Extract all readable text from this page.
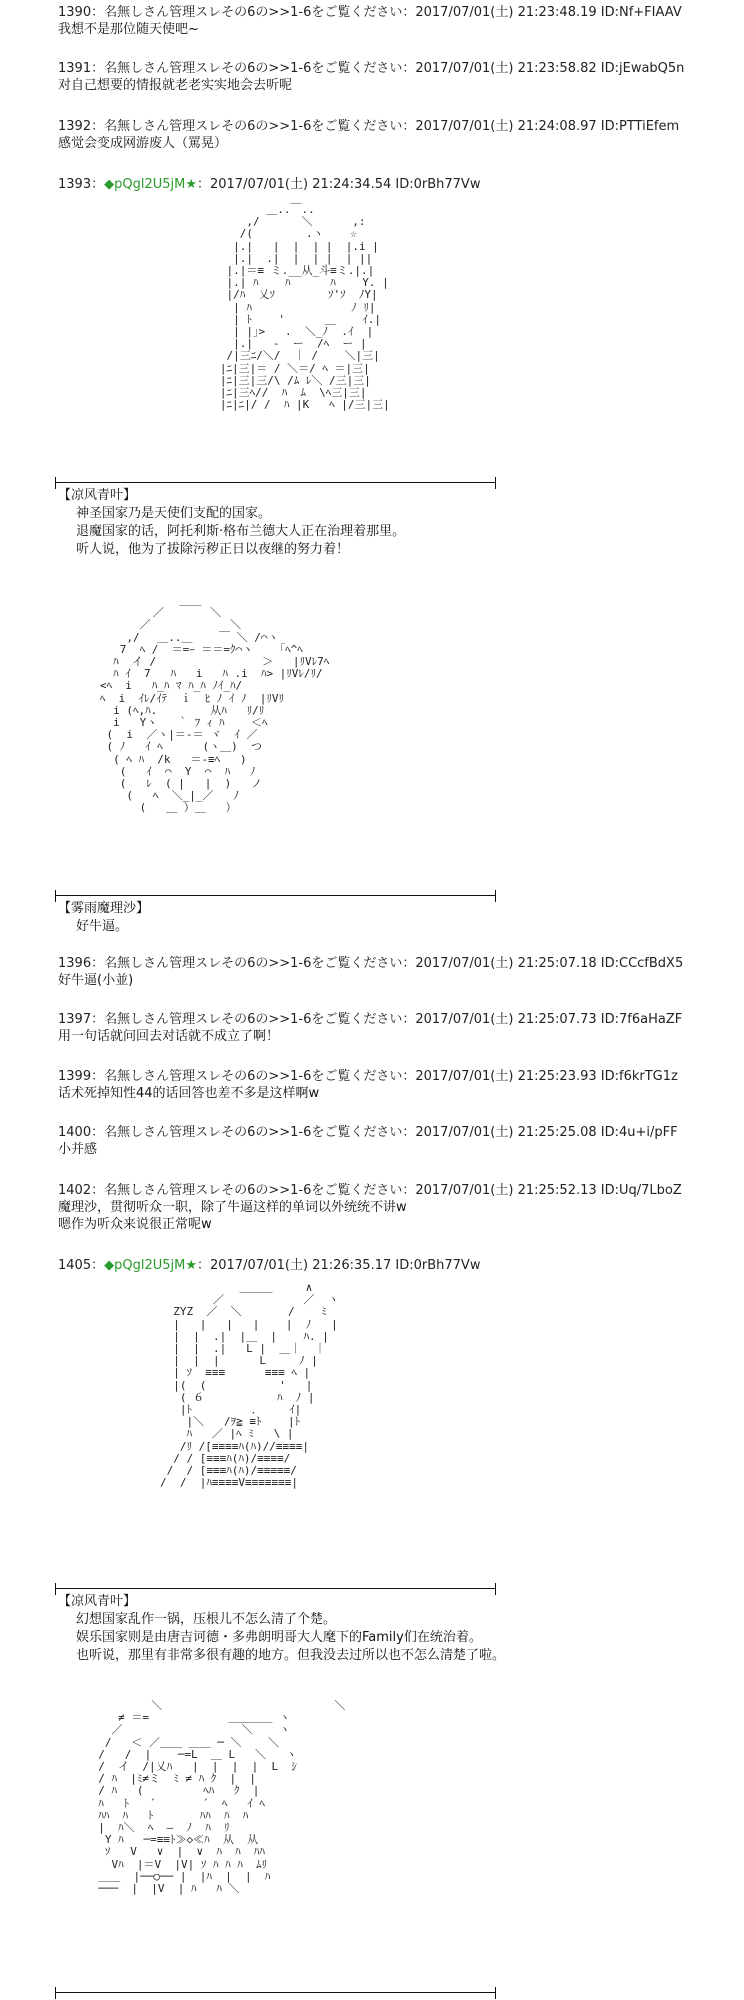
1390：名無しさん管理スレその6の>>1-6をご覧ください：2017/07/01(土) 21:23:48.19 ID:Nf+FIAAV
我想不是那位随天使吧~
1391：名無しさん管理スレその6の>>1-6をご覧ください：2017/07/01(土) 21:23:58.82 ID:jEwabQ5n
对自己想要的情报就老老实实地会去听呢
1392：名無しさん管理スレその6の>>1-6をご覧ください：2017/07/01(土) 21:24:08.97 ID:PTTiEfem
感觉会变成网游废人（罵晃）
1393：◆pQgl2U5jM★：2017/07/01(土) 21:24:34.54 ID:0rBh77Vw
＿..￣..
,/　  　 ＼      ,:
/(        .ヽ    ☆
|.|   |  |  | |  |.i |
|.|  .|  |  | |  | ||
|.|＝≡ ミ.__从_斗≡ミ.|.|
|.| ﾊ    ﾊ      ﾊ    Y. |
|/ﾊ  乂ｿ        ｿ'ｿ  ﾉY|
| ﾊ               ﾉ ﾘ|
| ﾄ    '      ＿    ｲ.|
| |｣>   .  ＼_ﾉ  .ｲ  |
|.|   ‐  ー  /ﾍ  ー |
/|三ﾆ/＼/  ｜ /    ＼|三|
|ﾆ|三|＝ / ＼＝/ ﾍ ＝|三|
|ﾆ|三|三/\ /ﾑ ﾚ＼ /三|三|
|ﾆ|三ﾍ//  ﾊ  ﾑ  \ﾍ三|三|
|ﾆ|ﾆ|/ /  ﾊ |K   ﾍ |/三|三|
【凉风青叶】
神圣国家乃是天使们支配的国家。
退魔国家的话，阿托利斯·格布兰德大人正在治理着那里。
听人说，他为了拔除污秽正日以夜继的努力着！
＿＿
／       ＼
／            ＼
,/ 　＿..＿    ￣ ＼ /⌒ヽ
7  ﾍ /  ＝=ｰ ＝＝=ｸ⌒ヽ    ｢ﾍ^ﾍ
ﾊ  イ /                ＞   |ﾘVﾚ7ﾍ
ﾊ ｲ  7   ﾊ   i   ﾊ .i  ﾊ> |ﾘVﾚ/ﾘ/
<ﾍ  i   ﾊ_ﾊ ﾏ ﾊ_ﾊ ﾉｲ_ﾊ/
ﾍ  i  ｲﾚ/ｲﾃ  ｉ  ﾋ ﾉ ｲ ﾉ  |ﾘVﾘ
i (ﾍ,ﾊ.        从ﾊ   ﾘ/ﾘ
i   Yヽ   ｀ ﾌ ｨ ﾊ    ＜ﾍ
(  i  ／ヽ|＝-＝ ヾ  ｲ ／
( ﾉ   ｲ ﾍ      (ヽ＿)  つ
( ﾍ ﾊ  /k   ＝-≡ﾍ   )
(   ｲ  ⌒  Y  ⌒  ﾊ   ﾉ
(   ﾚ  ( |   |  )   ノ
(   ﾍ  ＼_|_／   ﾉ
(   ＿ ）＿   ）
【雾雨魔理沙】
好牛逼。
1396：名無しさん管理スレその6の>>1-6をご覧ください：2017/07/01(土) 21:25:07.18 ID:CCcfBdX5
好牛逼(小並)
1397：名無しさん管理スレその6の>>1-6をご覧ください：2017/07/01(土) 21:25:07.73 ID:7f6aHaZF
用一句话就问回去对话就不成立了啊！
1399：名無しさん管理スレその6の>>1-6をご覧ください：2017/07/01(土) 21:25:23.93 ID:f6krTG1z
话术死掉知性44的话回答也差不多是这样啊w
1400：名無しさん管理スレその6の>>1-6をご覧ください：2017/07/01(土) 21:25:25.08 ID:4u+i/pFF
小并感
1402：名無しさん管理スレその6の>>1-6をご覧ください：2017/07/01(土) 21:25:52.13 ID:Uq/7LboZ
魔理沙，贯彻听众一职，除了牛逼这样的单词以外统统不讲w
嗯作为听众来说很正常呢w
1405：◆pQgl2U5jM★：2017/07/01(土) 21:26:35.17 ID:0rBh77Vw
＿＿＿     ∧
／            ／  ヽ
ZYZ  ／  ＼       /    ﾐ
|   |   |   |    |  ﾉ   |
|  |  .|  |＿  |    ﾊ. |
|  |  .|   L |  ＿｜  ｜
|  |  |      L     ﾉ |
| ｿ  ≡≡≡      ≡≡≡ ﾍ |
|(  (           '   |
( ６           ﾊ  ﾉ |
|ﾄ         ．    ｲ|
|＼   /ｦ≧ ≡ﾄ    |ﾄ
ﾊ   ／ |ﾍ ﾐ   \ |
/ﾘ /[≡≡≡≡ﾊ(ﾊ)//≡≡≡≡|
/ / [≡≡≡ﾊ(ﾊ)/≡≡≡≡/
/  / [≡≡≡ﾊ(ﾊ)/≡≡≡≡≡/
/  /  |ﾊ≡≡≡≡V≡≡≡≡≡≡≡|
【凉风青叶】
幻想国家乱作一锅，压根儿不怎么清了个楚。
娱乐国家则是由唐吉诃德・多弗朗明哥大人麾下的Family们在统治着。
也听说，那里有非常多很有趣的地方。但我没去过所以也不怎么清楚了啦。
＼                          ＼
≠ ＝=            ＿＿＿＿ ヽ
／                  ＼    ヽ
/   ＜ ／＿＿ ＿＿ ─ ＼    ＼
/   /  |    ─=L  ＿ L   ＼   ヽ
/  イ  /|乂ﾊ   |  |  |  |  L  ｼ
/ ﾊ  |ﾐ≠ミ  ﾐ ≠ ﾊ ｸ  |  |
/ ﾊ   (         ﾍﾊ   ｸ  |
ﾊ   ﾄ   ´       ´  ﾍ   ｲ ﾍ
ﾊﾊ  ﾊ   ﾄ       ﾊﾊ  ﾊ  ﾊ
|  ﾊ＼  ﾍ  ―  ﾉ  ﾊ  ﾘ
Y ﾊ   ─=≡≡ﾄ≫◇≪ﾊ  从  从
ｿ   V   ∨  |  ∨  ﾊ  ﾊ  ﾊﾊ
Vﾊ  |＝V  |V| ｿ ﾊ ﾊ ﾊ  ﾑﾘ
＿＿  |──○── |  |ﾊ  |  |  ﾊ
───  |  |V  | ﾊ   ﾊ ＼
